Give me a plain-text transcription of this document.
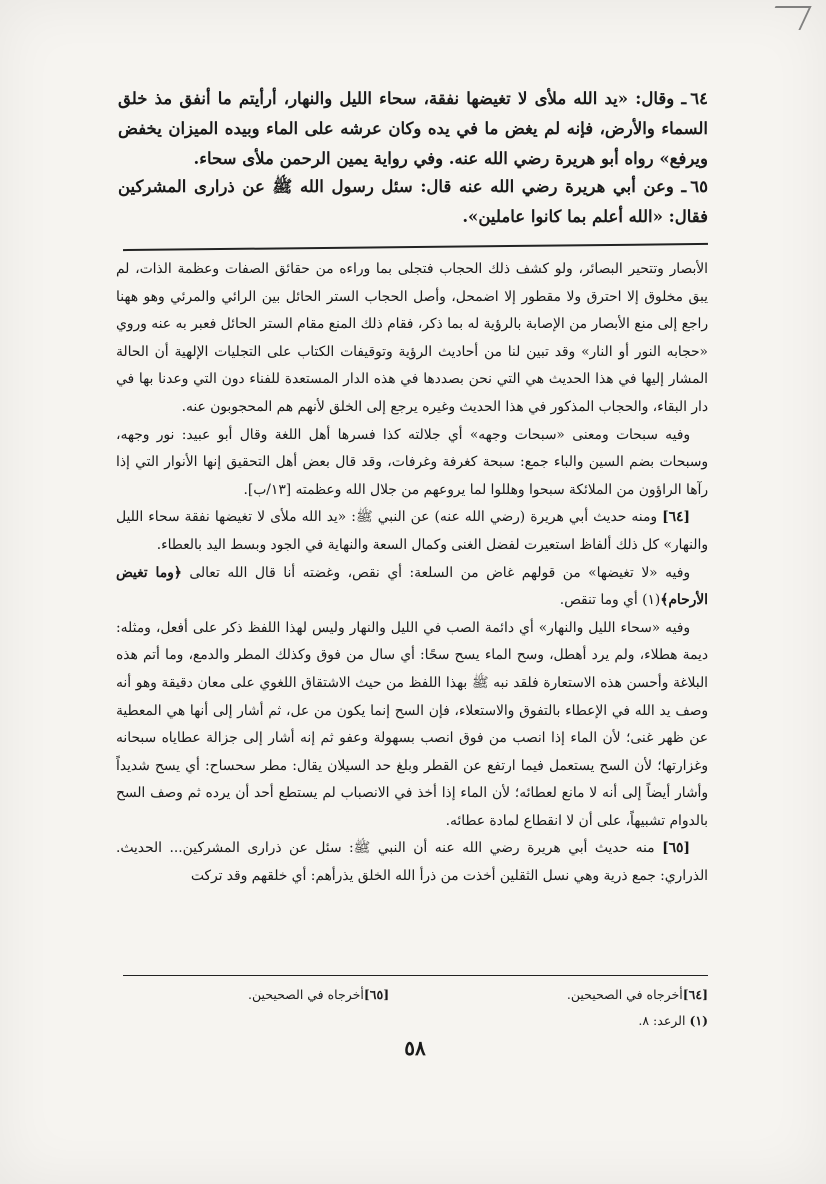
٦٤ـ وقال: «يد الله ملأى لا تغيضها نفقة، سحاء الليل والنهار، أرأيتم ما أنفق مذ خلق السماء والأرض، فإنه لم يغض ما في يده وكان عرشه على الماء وبيده الميزان يخفض ويرفع» رواه أبو هريرة رضي الله عنه. وفي رواية يمين الرحمن ملأى سحاء.
٦٥ـ وعن أبي هريرة رضي الله عنه قال: سئل رسول الله ﷺ عن ذرارى المشركين فقال: «الله أعلم بما كانوا عاملين».

الأبصار وتتحير البصائر، ولو كشف ذلك الحجاب فتجلى بما وراءه من حقائق الصفات وعظمة الذات، لم يبق مخلوق إلا احترق ولا مقطور إلا اضمحل، وأصل الحجاب الستر الحائل بين الرائي والمرئي وهو ههنا راجع إلى منع الأبصار من الإصابة بالرؤية له بما ذكر، فقام ذلك المنع مقام الستر الحائل فعبر به عنه وروي «حجابه النور أو النار» وقد تبين لنا من أحاديث الرؤية وتوقيفات الكتاب على التجليات الإلهية أن الحالة المشار إليها في هذا الحديث هي التي نحن بصددها في هذه الدار المستعدة للفناء دون التي وعدنا بها في دار البقاء، والحجاب المذكور في هذا الحديث وغيره يرجع إلى الخلق لأنهم هم المحجوبون عنه.

وفيه سبحات ومعنى «سبحات وجهه» أي جلالته كذا فسرها أهل اللغة وقال أبو عبيد: نور وجهه، وسبحات بضم السين والباء جمع: سبحة كغرفة وغرفات، وقد قال بعض أهل التحقيق إنها الأنوار التي إذا رآها الراؤون من الملائكة سبحوا وهللوا لما يروعهم من جلال الله وعظمته [١٣/ب].

[٦٤] ومنه حديث أبي هريرة (رضي الله عنه) عن النبي ﷺ: «يد الله ملأى لا تغيضها نفقة سحاء الليل والنهار» كل ذلك ألفاظ استعيرت لفضل الغنى وكمال السعة والنهاية في الجود وبسط اليد بالعطاء.

وفيه «لا تغيضها» من قولهم غاض من السلعة: أي نقص، وغضته أنا قال الله تعالى ﴿وما تغيض الأرحام﴾(١) أي وما تنقص.

وفيه «سحاء الليل والنهار» أي دائمة الصب في الليل والنهار وليس لهذا اللفظ ذكر على أفعل، ومثله: ديمة هطلاء، ولم يرد أهطل، وسح الماء يسح سحًا: أي سال من فوق وكذلك المطر والدمع، وما أتم هذه البلاغة وأحسن هذه الاستعارة فلقد نبه ﷺ بهذا اللفظ من حيث الاشتقاق اللغوي على معان دقيقة وهو أنه وصف يد الله في الإعطاء بالتفوق والاستعلاء، فإن السح إنما يكون من عل، ثم أشار إلى أنها هي المعطية عن ظهر غنى؛ لأن الماء إذا انصب من فوق انصب بسهولة وعفو ثم إنه أشار إلى جزالة عطاياه سبحانه وغزارتها؛ لأن السح يستعمل فيما ارتفع عن القطر وبلغ حد السيلان يقال: مطر سحساح: أي يسح شديداً وأشار أيضاً إلى أنه لا مانع لعطائه؛ لأن الماء إذا أخذ في الانصباب لم يستطع أحد أن يرده ثم وصف السح بالدوام تشبيهاً، على أن لا انقطاع لمادة عطائه.

[٦٥] منه حديث أبي هريرة رضي الله عنه أن النبي ﷺ: سئل عن ذرارى المشركين... الحديث. الذراري: جمع ذرية وهي نسل الثقلين أخذت من ذرأ الله الخلق يذرأهم: أي خلقهم وقد تركت

[٦٤]أخرجاه في الصحيحين.
[٦٥]أخرجاه في الصحيحين.
(١) الرعد: ٨.
٥٨
